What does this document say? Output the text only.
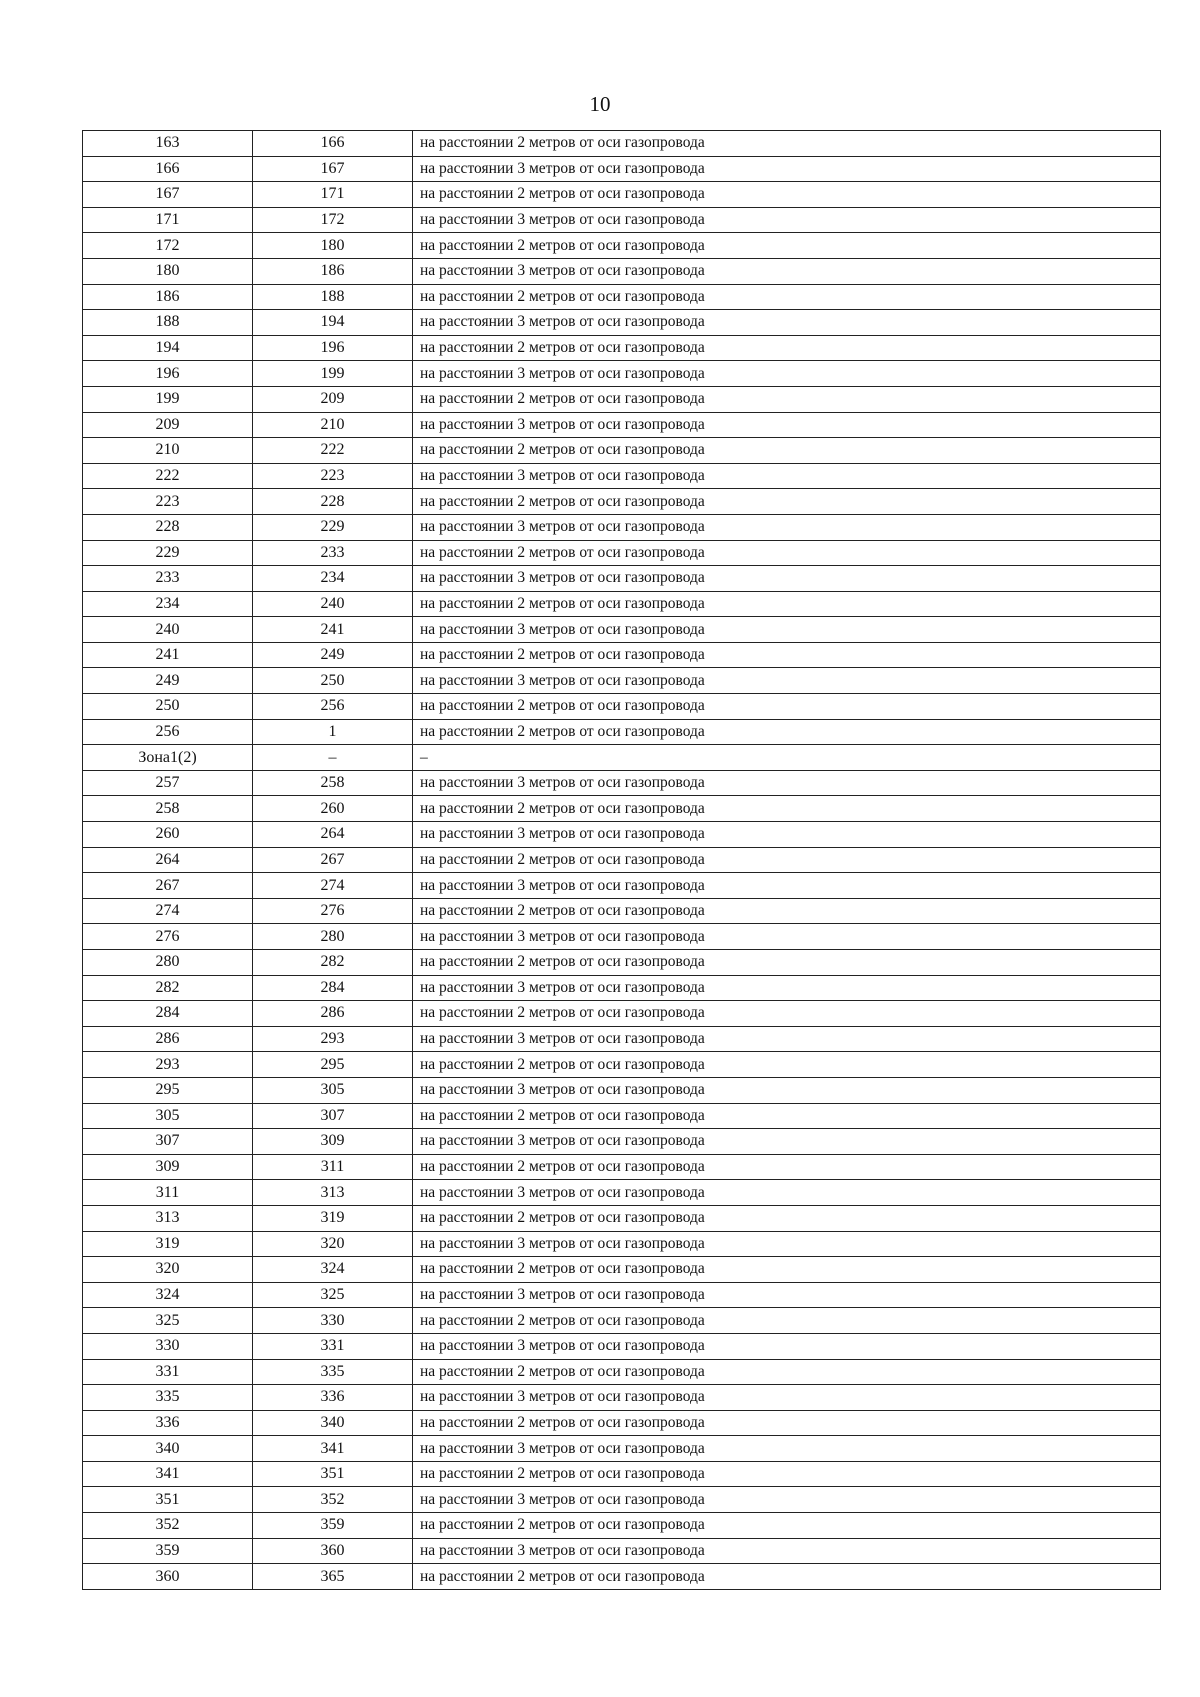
10
163	166	на расстоянии 2 метров от оси газопровода
166	167	на расстоянии 3 метров от оси газопровода
167	171	на расстоянии 2 метров от оси газопровода
171	172	на расстоянии 3 метров от оси газопровода
172	180	на расстоянии 2 метров от оси газопровода
180	186	на расстоянии 3 метров от оси газопровода
186	188	на расстоянии 2 метров от оси газопровода
188	194	на расстоянии 3 метров от оси газопровода
194	196	на расстоянии 2 метров от оси газопровода
196	199	на расстоянии 3 метров от оси газопровода
199	209	на расстоянии 2 метров от оси газопровода
209	210	на расстоянии 3 метров от оси газопровода
210	222	на расстоянии 2 метров от оси газопровода
222	223	на расстоянии 3 метров от оси газопровода
223	228	на расстоянии 2 метров от оси газопровода
228	229	на расстоянии 3 метров от оси газопровода
229	233	на расстоянии 2 метров от оси газопровода
233	234	на расстоянии 3 метров от оси газопровода
234	240	на расстоянии 2 метров от оси газопровода
240	241	на расстоянии 3 метров от оси газопровода
241	249	на расстоянии 2 метров от оси газопровода
249	250	на расстоянии 3 метров от оси газопровода
250	256	на расстоянии 2 метров от оси газопровода
256	1	на расстоянии 2 метров от оси газопровода
Зона1(2)	–	–
257	258	на расстоянии 3 метров от оси газопровода
258	260	на расстоянии 2 метров от оси газопровода
260	264	на расстоянии 3 метров от оси газопровода
264	267	на расстоянии 2 метров от оси газопровода
267	274	на расстоянии 3 метров от оси газопровода
274	276	на расстоянии 2 метров от оси газопровода
276	280	на расстоянии 3 метров от оси газопровода
280	282	на расстоянии 2 метров от оси газопровода
282	284	на расстоянии 3 метров от оси газопровода
284	286	на расстоянии 2 метров от оси газопровода
286	293	на расстоянии 3 метров от оси газопровода
293	295	на расстоянии 2 метров от оси газопровода
295	305	на расстоянии 3 метров от оси газопровода
305	307	на расстоянии 2 метров от оси газопровода
307	309	на расстоянии 3 метров от оси газопровода
309	311	на расстоянии 2 метров от оси газопровода
311	313	на расстоянии 3 метров от оси газопровода
313	319	на расстоянии 2 метров от оси газопровода
319	320	на расстоянии 3 метров от оси газопровода
320	324	на расстоянии 2 метров от оси газопровода
324	325	на расстоянии 3 метров от оси газопровода
325	330	на расстоянии 2 метров от оси газопровода
330	331	на расстоянии 3 метров от оси газопровода
331	335	на расстоянии 2 метров от оси газопровода
335	336	на расстоянии 3 метров от оси газопровода
336	340	на расстоянии 2 метров от оси газопровода
340	341	на расстоянии 3 метров от оси газопровода
341	351	на расстоянии 2 метров от оси газопровода
351	352	на расстоянии 3 метров от оси газопровода
352	359	на расстоянии 2 метров от оси газопровода
359	360	на расстоянии 3 метров от оси газопровода
360	365	на расстоянии 2 метров от оси газопровода
